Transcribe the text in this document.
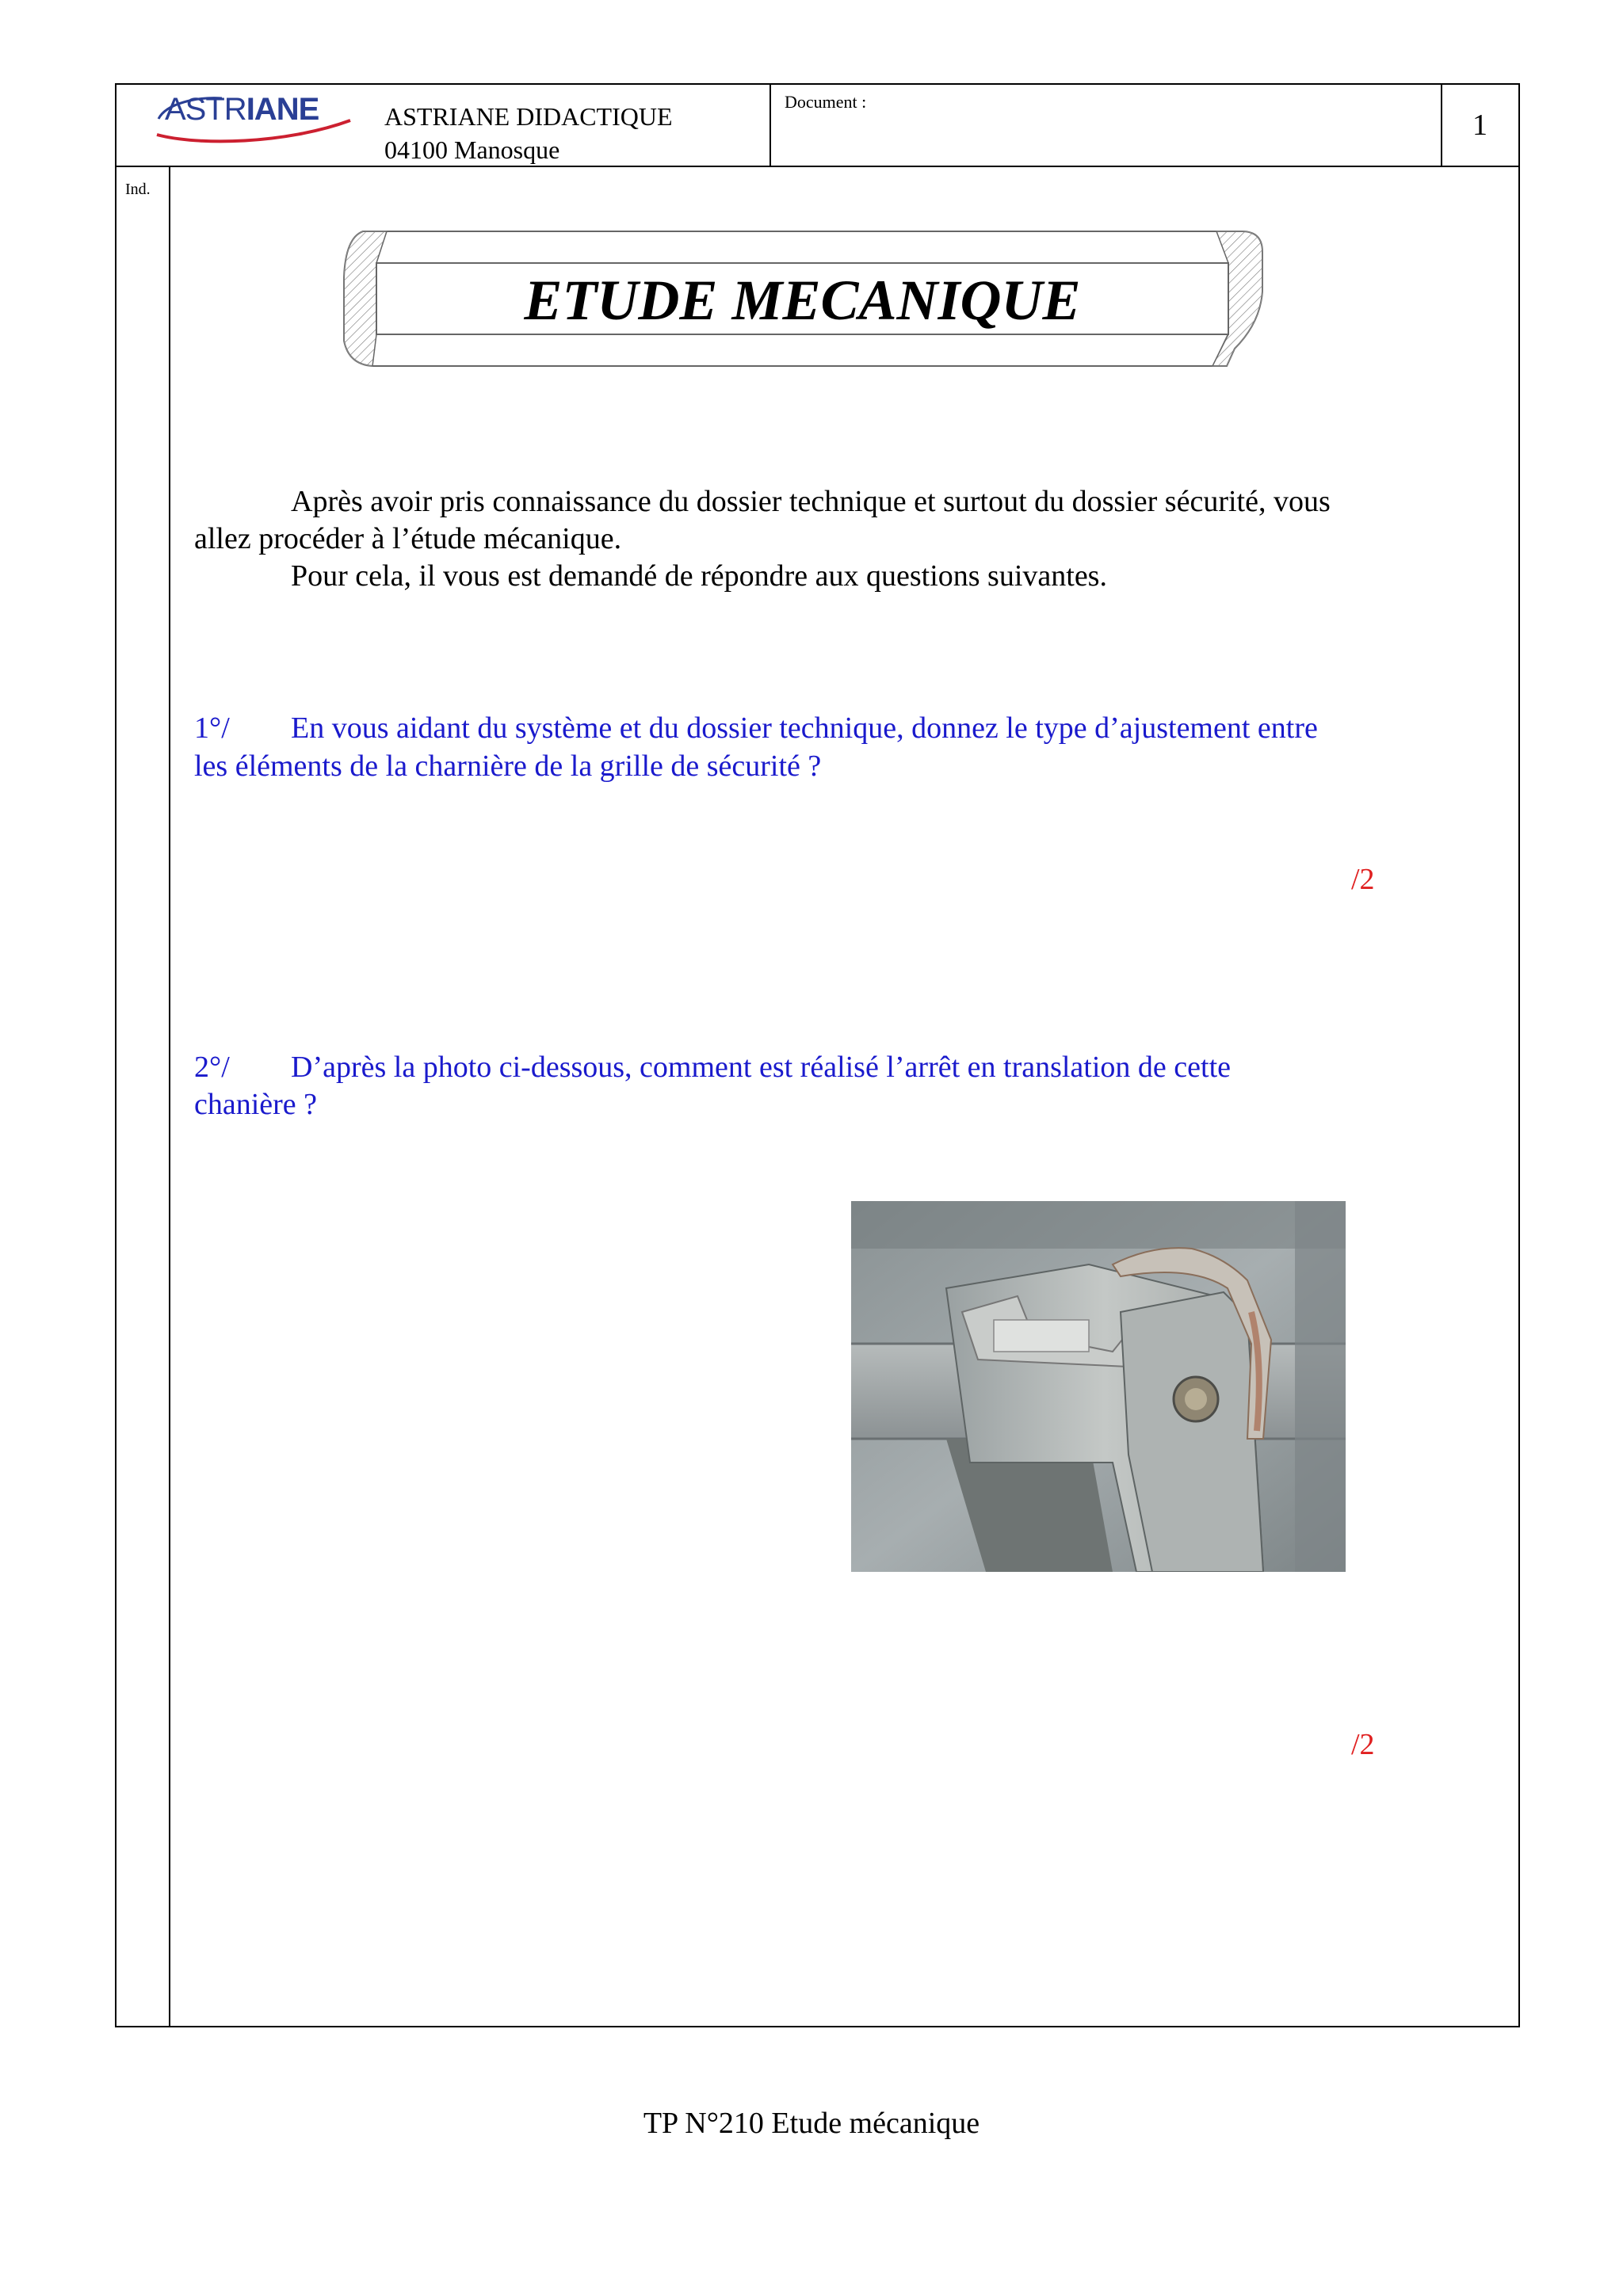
ASTRIANE	ASTRIANE DIDACTIQUE
04100 Manosque
Document :
1
Ind.
ETUDE MECANIQUE
Après avoir pris connaissance du dossier technique et surtout du dossier sécurité, vous
allez procéder à l’étude mécanique.
Pour cela, il vous est demandé de répondre aux questions suivantes.
1°/ En vous aidant du système et du dossier technique, donnez le type d’ajustement entre
les éléments de la charnière de la grille de sécurité ?
/2
2°/ D’après la photo ci-dessous, comment est réalisé l’arrêt en translation de cette
chanière ?
/2
TP N°210 Etude mécanique
